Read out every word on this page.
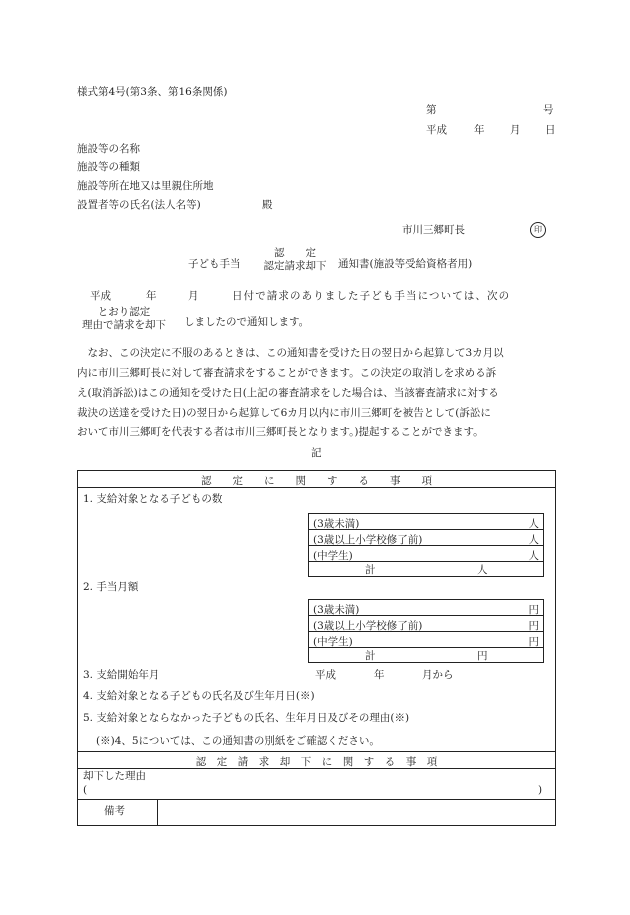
様式第4号(第3条、第16条関係)
第	号
平成	年 月 日
施設等の名称
施設等の種類
施設等所在地又は里親住所地
設置者等の氏名(法人名等)	殿
市川三郷町長	印
子ども手当
認　　定
認定請求却下	通知書(施設等受給資格者用)
平成	年	月	日付で請求のありました子ども手当については、次の
とおり認定
理由で請求を却下	しましたので通知します。
　なお、この決定に不服のあるときは、この通知書を受けた日の翌日から起算して3カ月以
内に市川三郷町長に対して審査請求をすることができます。この決定の取消しを求める訴
え(取消訴訟)はこの通知を受けた日(上記の審査請求をした場合は、当該審査請求に対する
裁決の送達を受けた日)の翌日から起算して6カ月以内に市川三郷町を被告として(訴訟に
おいて市川三郷町を代表する者は市川三郷町長となります。)提起することができます。
記
認　　定　　に　　関　　す　　る　　事　　項
1. 支給対象となる子どもの数
(3歳未満)	人
(3歳以上小学校修了前)	人
(中学生)	人
計	人
2. 手当月額
(3歳未満)	円
(3歳以上小学校修了前)	円
(中学生)	円
計	円
3. 支給開始年月	平成	年	月から
4. 支給対象となる子どもの氏名及び生年月日(※)
5. 支給対象とならなかった子どもの氏名、生年月日及びその理由(※)
(※)4、5については、この通知書の別紙をご確認ください。
認　定　請　求　却　下　に　関　す　る　事　項
却下した理由
(	)
備考
